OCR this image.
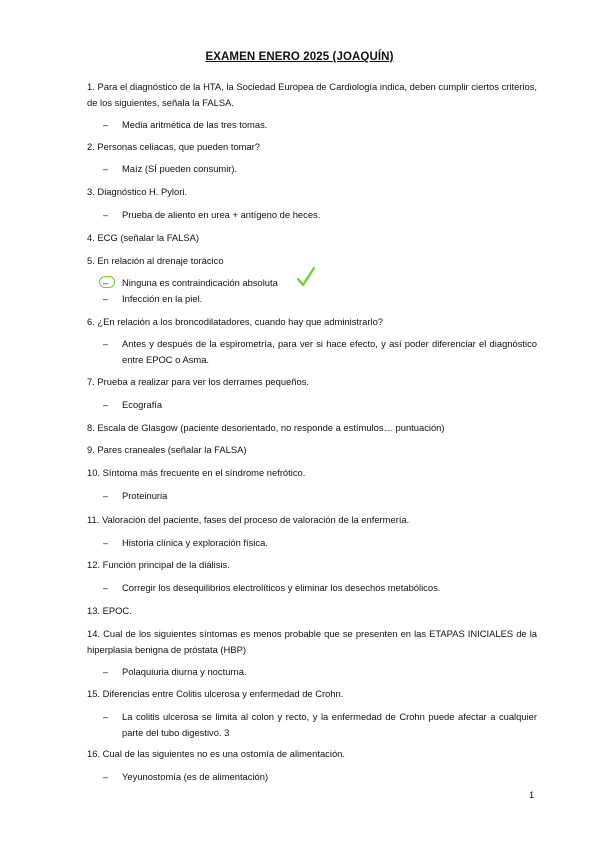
EXAMEN ENERO 2025 (JOAQUÍN)
1. Para el diagnóstico de la HTA, la Sociedad Europea de Cardiología indica, deben cumplir ciertos criterios, de los siguientes, señala la FALSA.
– Media aritmética de las tres tomas.
2. Personas celiacas, que pueden tomar?
– Maíz (SÍ pueden consumir).
3. Diagnóstico H. Pylori.
– Prueba de aliento en urea + antígeno de heces.
4. ECG (señalar la FALSA)
5. En relación al drenaje torácico
– Ninguna es contraindicación absoluta
– Infección en la piel.
6. ¿En relación a los broncodilatadores, cuando hay que administrarlo?
– Antes y después de la espirometría, para ver si hace efecto, y así poder diferenciar el diagnóstico entre EPOC o Asma.
7. Prueba a realizar para ver los derrames pequeños.
– Ecografía
8. Escala de Glasgow (paciente desorientado, no responde a estímulos… puntuación)
9. Pares craneales (señalar la FALSA)
10. Síntoma más frecuente en el síndrome nefrótico.
– Proteinuria
11. Valoración del paciente, fases del proceso de valoración de la enfermería.
– Historia clínica y exploración física.
12. Función principal de la diálisis.
– Corregir los desequilibrios electrolíticos y eliminar los desechos metabólicos.
13. EPOC.
14. Cual de los siguientes síntomas es menos probable que se presenten en las ETAPAS INICIALES de la hiperplasia benigna de próstata (HBP)
– Polaquiuria diurna y nocturna.
15. Diferencias entre Colitis ulcerosa y enfermedad de Crohn.
– La colitis ulcerosa se limita al colon y recto, y la enfermedad de Crohn puede afectar a cualquier parte del tubo digestivo. 3
16. Cual de las siguientes no es una ostomía de alimentación.
– Yeyunostomía (es de alimentación)
1
